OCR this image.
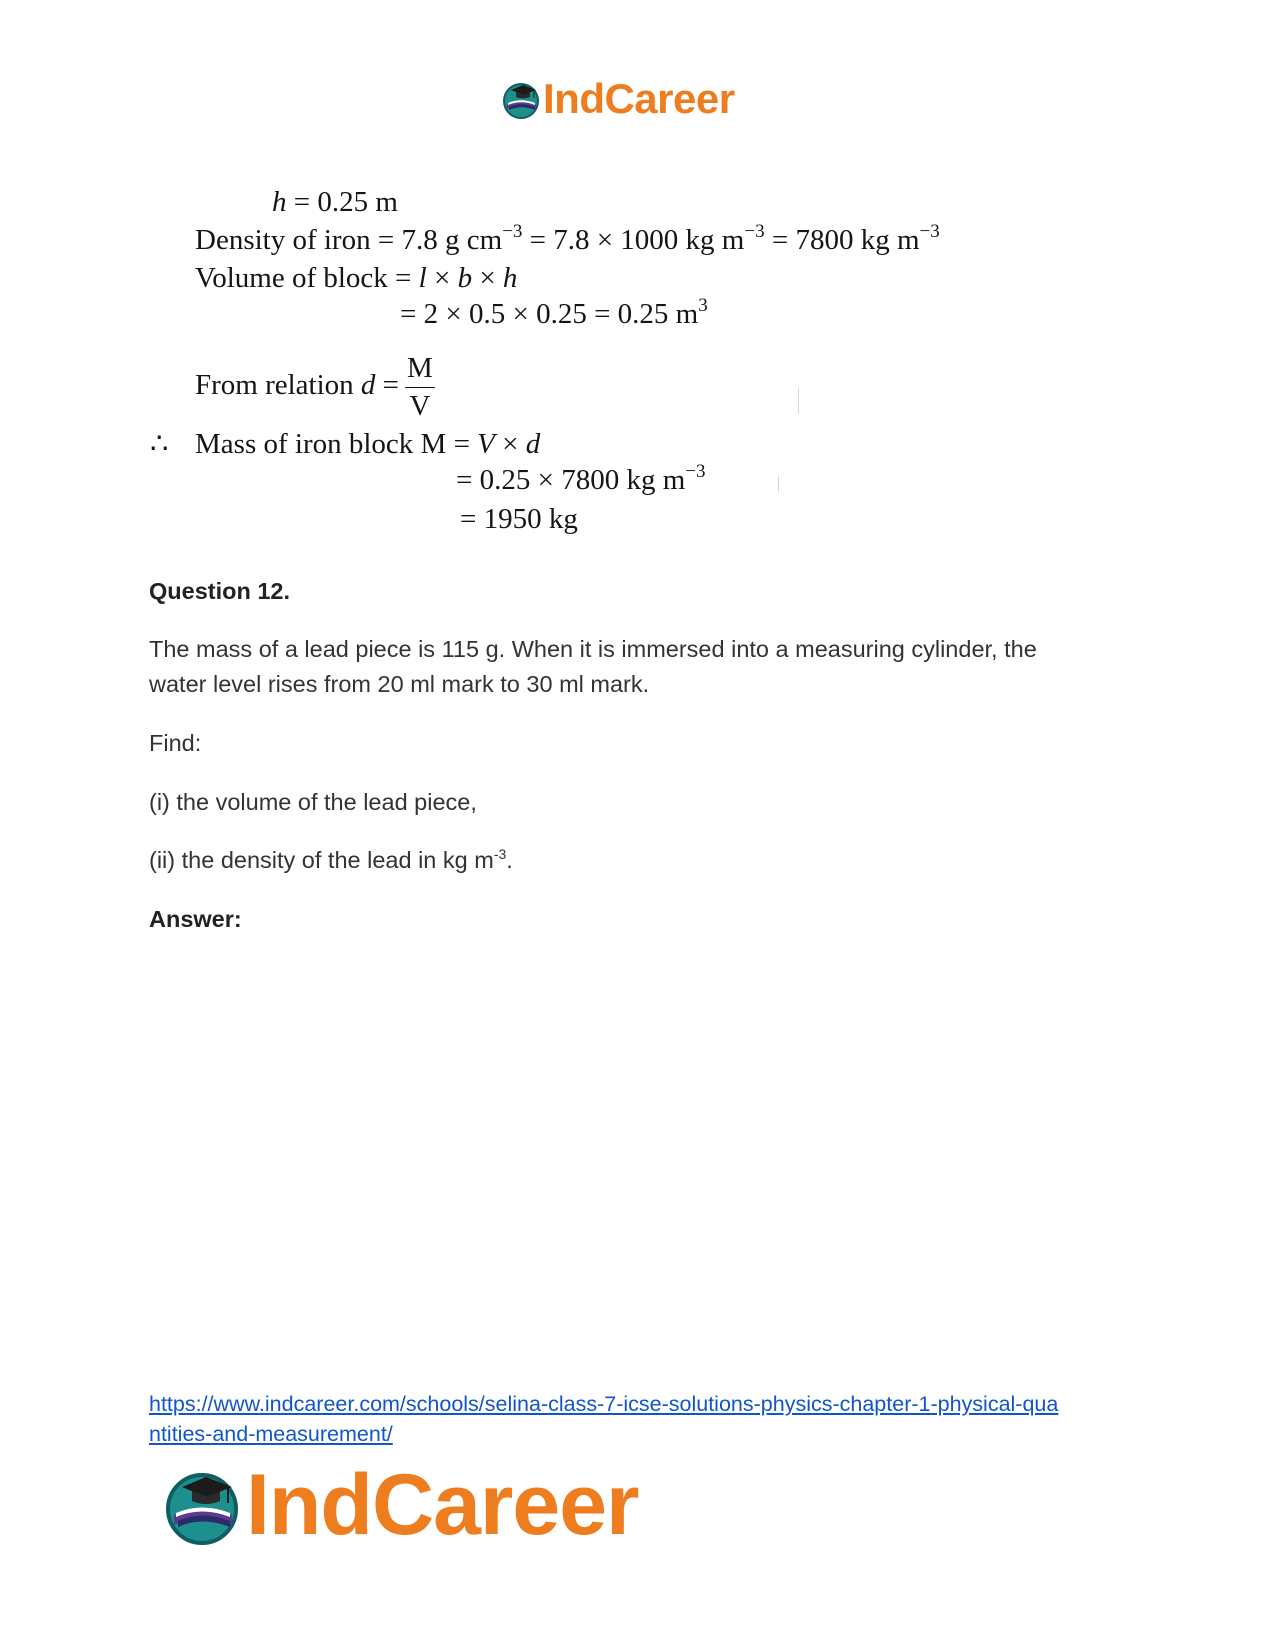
IndCareer
h = 0.25 m
Density of iron = 7.8 g $cm^{-3} = 7.8 \times 1000$ kg $m^{-3} = 7800$ kg $m^{-3}$
Volume of block = l × b × h
= 2 × 0.5 × 0.25 = 0.25 $m^3$
From relation $d = \frac{M}{V}$
∴ Mass of iron block M = V × d
= 0.25 × 7800 kg $m^{-3}$
= 1950 kg
Question 12.
The mass of a lead piece is 115 g. When it is immersed into a measuring cylinder, the
water level rises from 20 ml mark to 30 ml mark.
Find:
(i) the volume of the lead piece,
(ii) the density of the lead in kg $m^{-3}$.
Answer:
https://www.indcareer.com/schools/selina-class-7-icse-solutions-physics-chapter-1-physical-qua
ntities-and-measurement/
IndCareer
